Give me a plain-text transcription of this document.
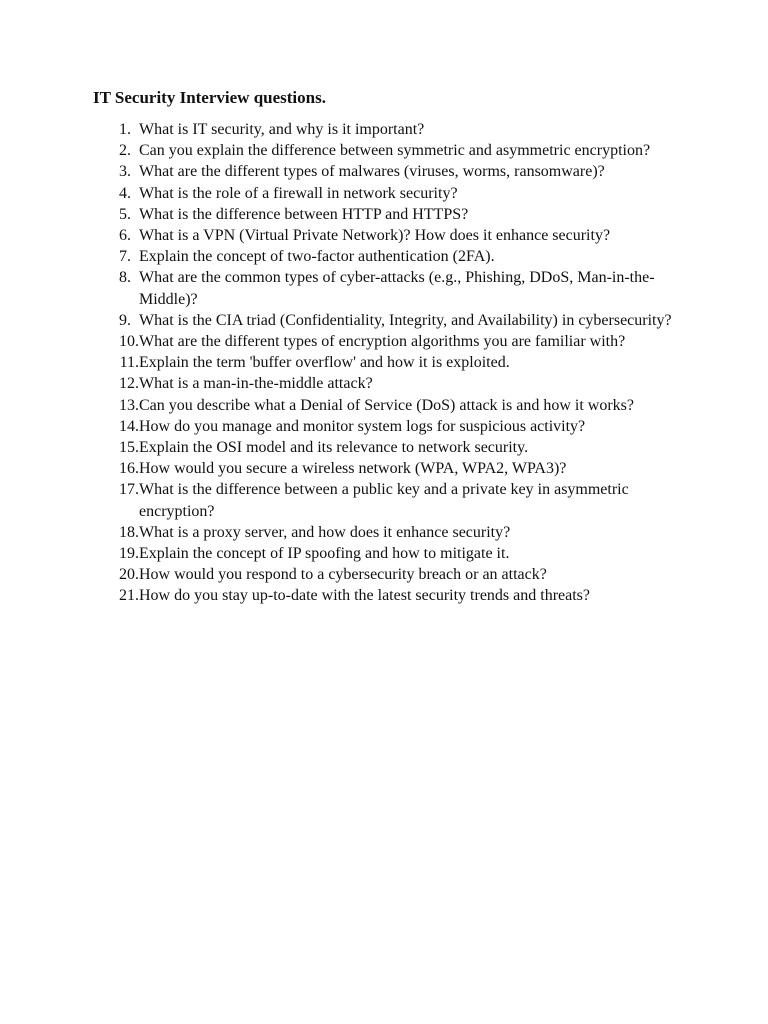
IT Security Interview questions.
1. What is IT security, and why is it important?
2. Can you explain the difference between symmetric and asymmetric encryption?
3. What are the different types of malwares (viruses, worms, ransomware)?
4. What is the role of a firewall in network security?
5. What is the difference between HTTP and HTTPS?
6. What is a VPN (Virtual Private Network)? How does it enhance security?
7. Explain the concept of two-factor authentication (2FA).
8. What are the common types of cyber-attacks (e.g., Phishing, DDoS, Man-in-the-Middle)?
9. What is the CIA triad (Confidentiality, Integrity, and Availability) in cybersecurity?
10. What are the different types of encryption algorithms you are familiar with?
11. Explain the term 'buffer overflow' and how it is exploited.
12. What is a man-in-the-middle attack?
13. Can you describe what a Denial of Service (DoS) attack is and how it works?
14. How do you manage and monitor system logs for suspicious activity?
15. Explain the OSI model and its relevance to network security.
16. How would you secure a wireless network (WPA, WPA2, WPA3)?
17. What is the difference between a public key and a private key in asymmetric encryption?
18. What is a proxy server, and how does it enhance security?
19. Explain the concept of IP spoofing and how to mitigate it.
20. How would you respond to a cybersecurity breach or an attack?
21. How do you stay up-to-date with the latest security trends and threats?
